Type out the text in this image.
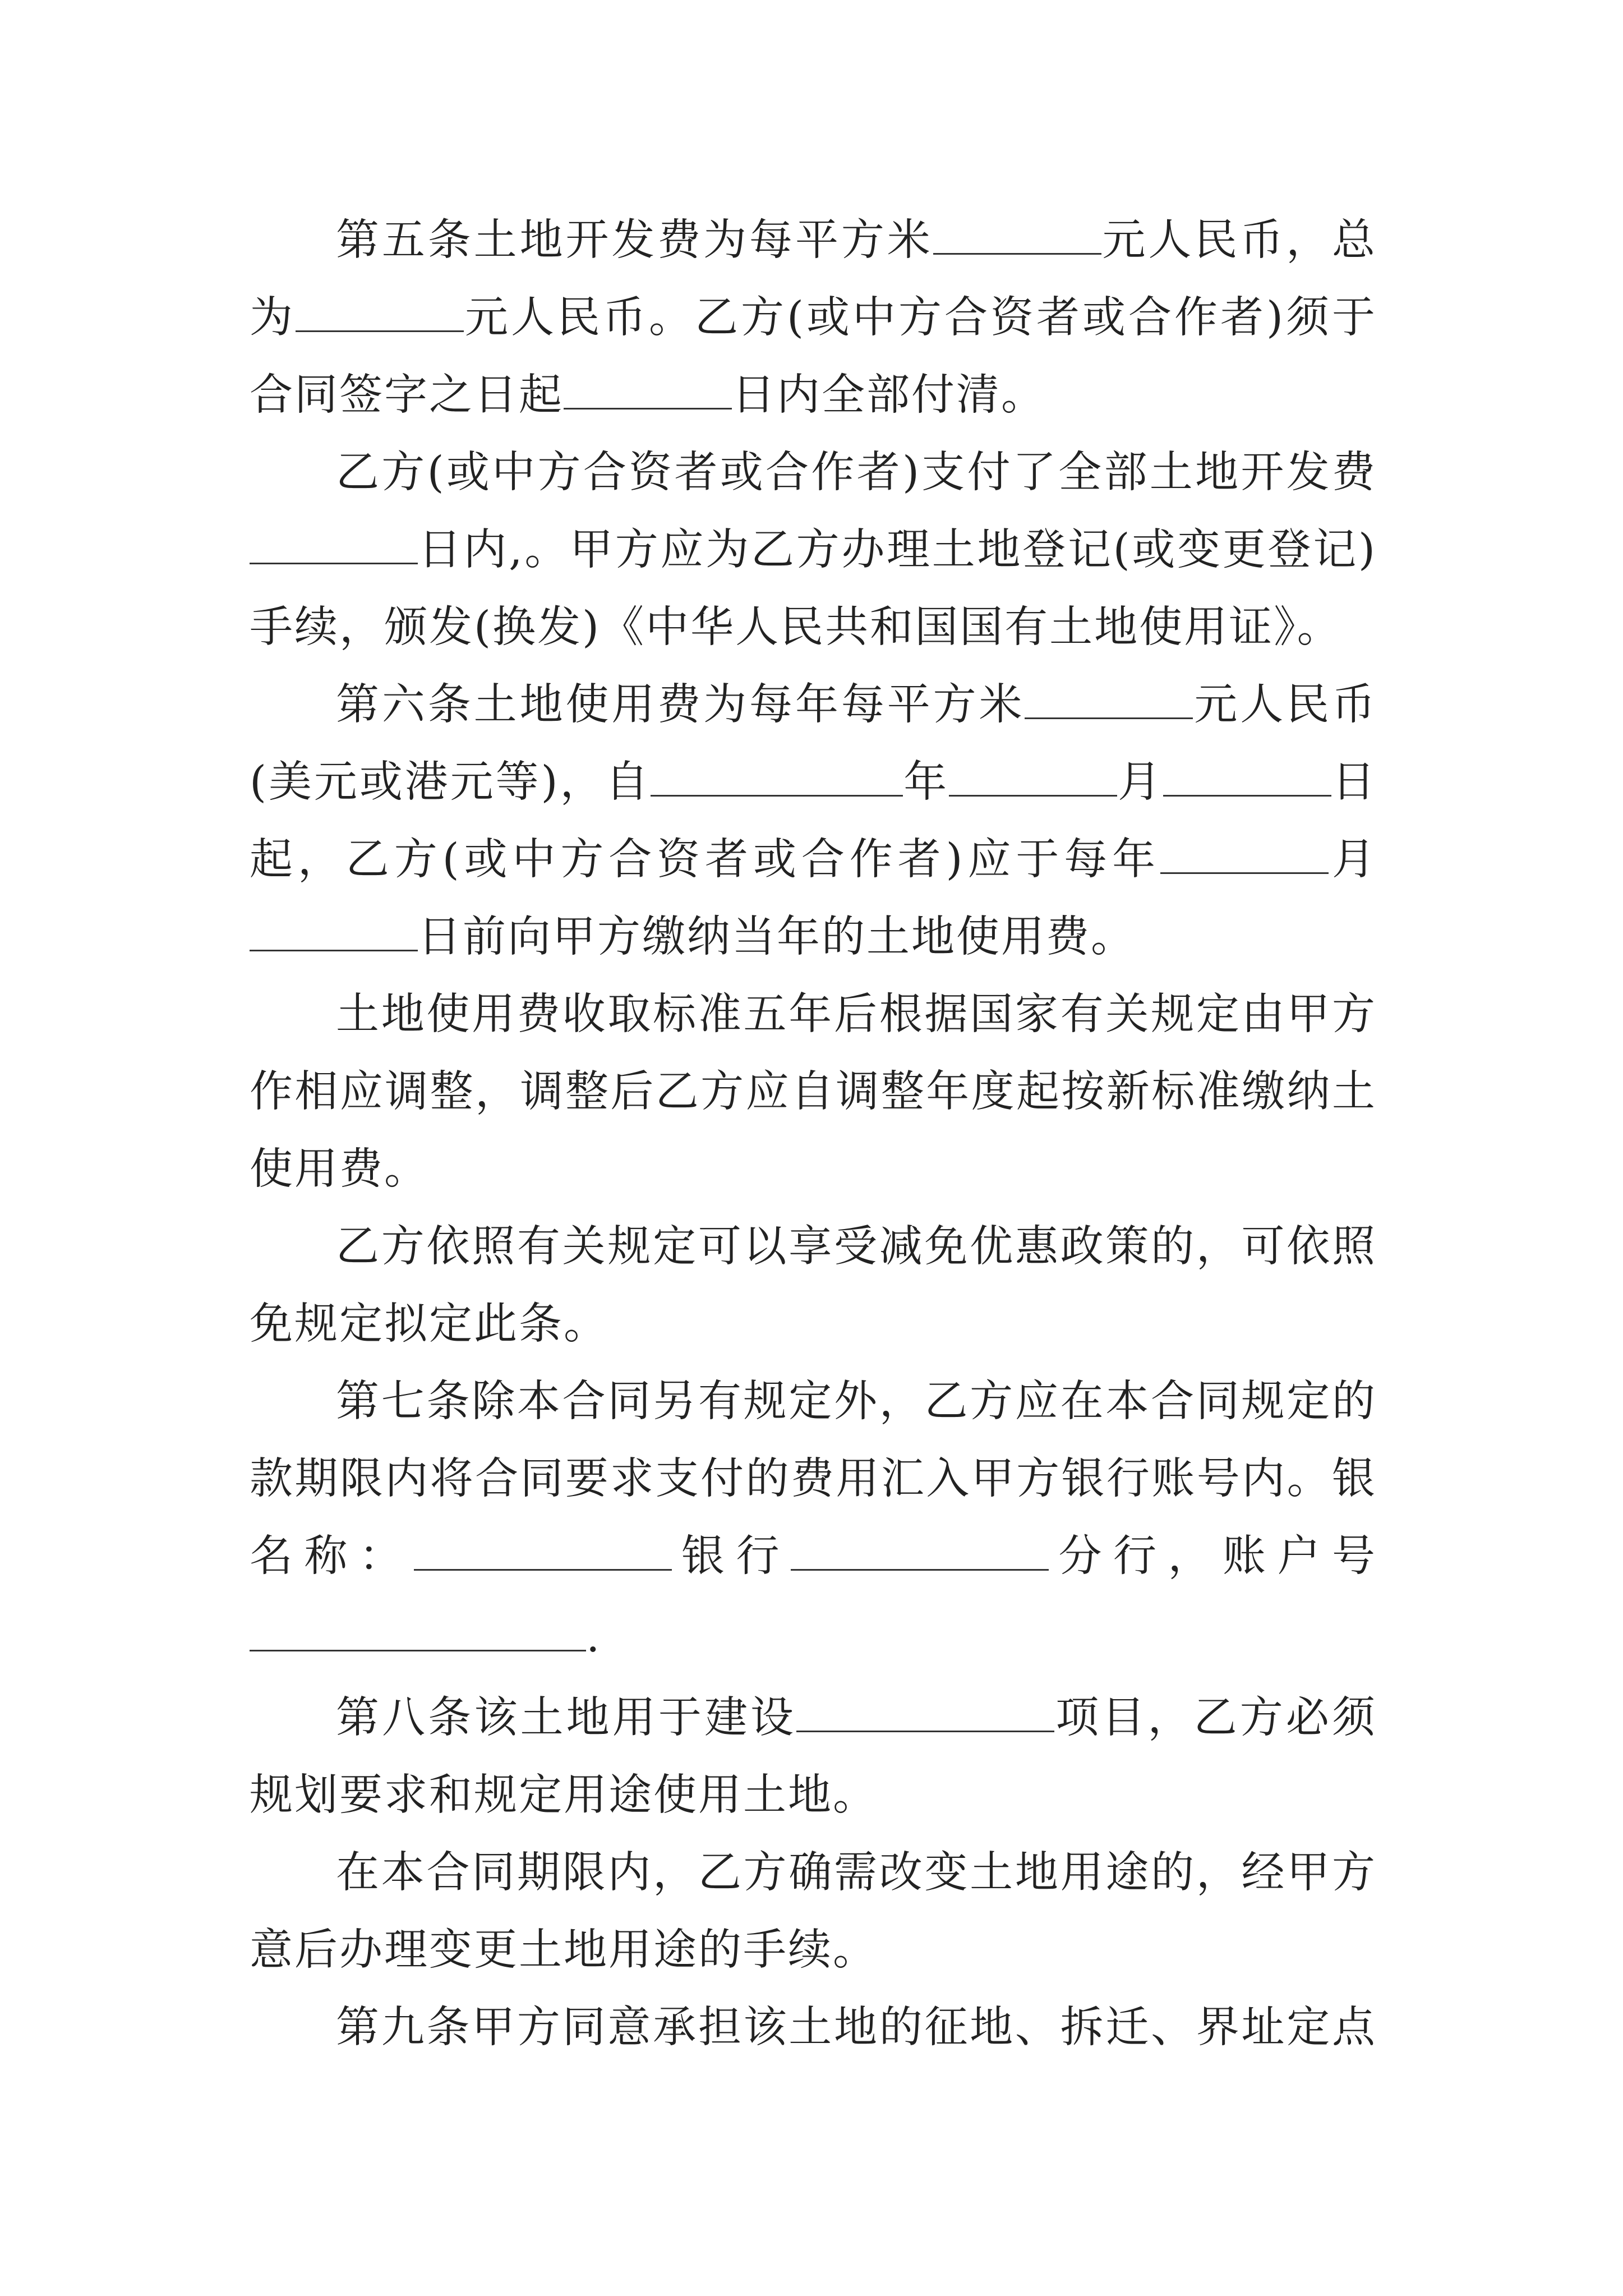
第五条土地开发费为每平方米	元人民币，总
为	元人民币。乙方(或中方合资者或合作者)须于
合同签字之日起	日内全部付清。
乙方(或中方合资者或合作者)支付了全部土地开发费
日内,。甲方应为乙方办理土地登记(或变更登记)
手续，颁发(换发)《中华人民共和国国有土地使用证》。
第六条土地使用费为每年每平方米	元人民币
(美元或港元等)，自	年	月	日
起，乙方(或中方合资者或合作者)应于每年	月
日前向甲方缴纳当年的土地使用费。
土地使用费收取标准五年后根据国家有关规定由甲方
作相应调整，调整后乙方应自调整年度起按新标准缴纳土
使用费。
乙方依照有关规定可以享受减免优惠政策的，可依照
免规定拟定此条。
第七条除本合同另有规定外，乙方应在本合同规定的
款期限内将合同要求支付的费用汇入甲方银行账号内。银
名称：	银行	分行，账户号
.
第八条该土地用于建设	项目，乙方必须
规划要求和规定用途使用土地。
在本合同期限内，乙方确需改变土地用途的，经甲方
意后办理变更土地用途的手续。
第九条甲方同意承担该土地的征地、拆迁、界址定点
